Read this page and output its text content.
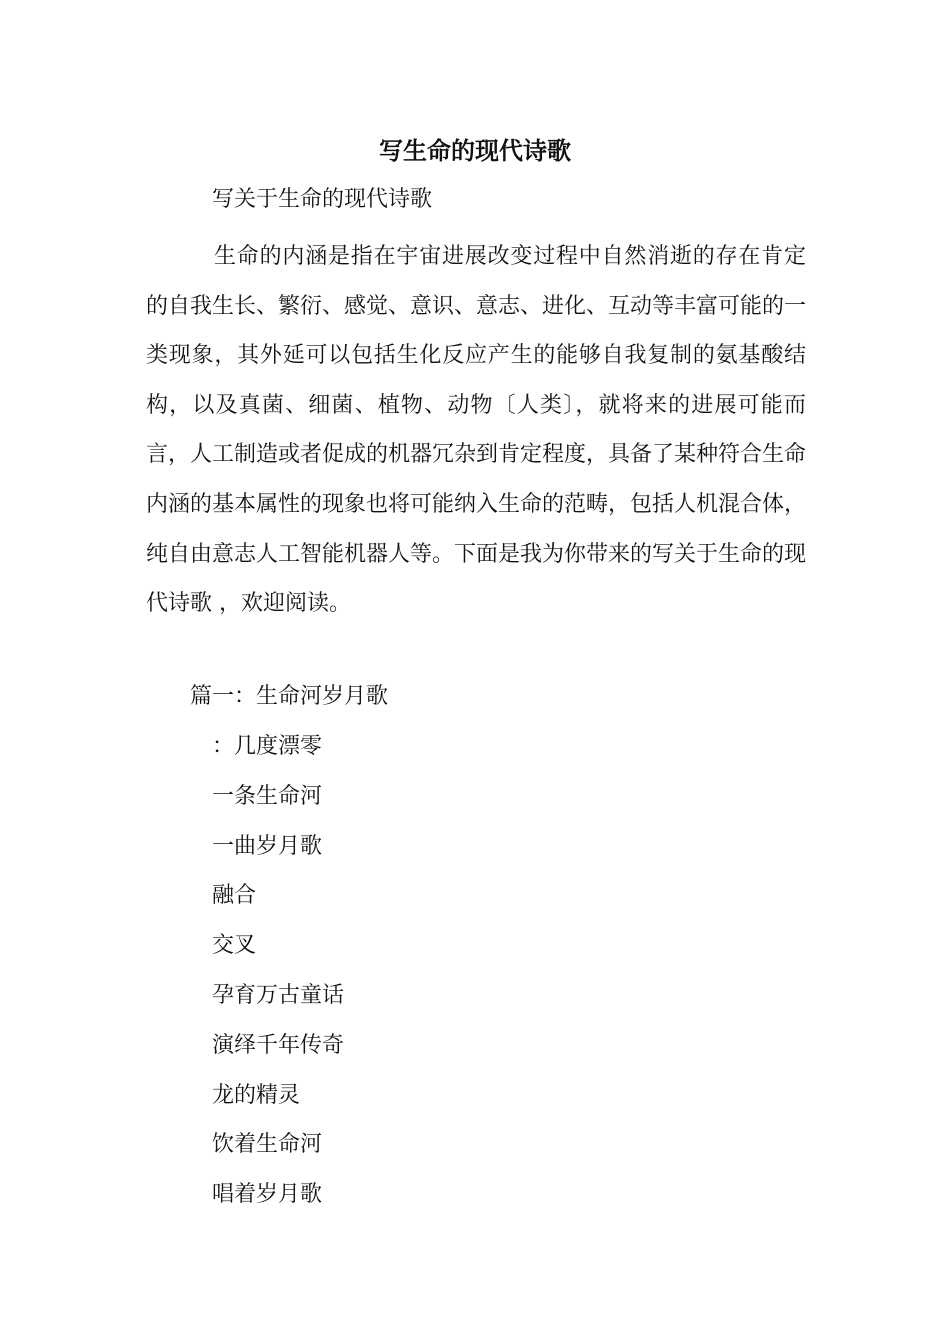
写生命的现代诗歌

写关于生命的现代诗歌

生命的内涵是指在宇宙进展改变过程中自然消逝的存在肯定的自我生长、繁衍、感觉、意识、意志、进化、互动等丰富可能的一类现象，其外延可以包括生化反应产生的能够自我复制的氨基酸结构，以及真菌、细菌、植物、动物〔人类〕，就将来的进展可能而言，人工制造或者促成的机器冗杂到肯定程度，具备了某种符合生命内涵的基本属性的现象也将可能纳入生命的范畴，包括人机混合体，纯自由意志人工智能机器人等。下面是我为你带来的写关于生命的现代诗歌 ，欢迎阅读。

篇一：生命河岁月歌

：几度漂零
一条生命河
一曲岁月歌
融合
交叉
孕育万古童话
演绎千年传奇
龙的精灵
饮着生命河
唱着岁月歌
